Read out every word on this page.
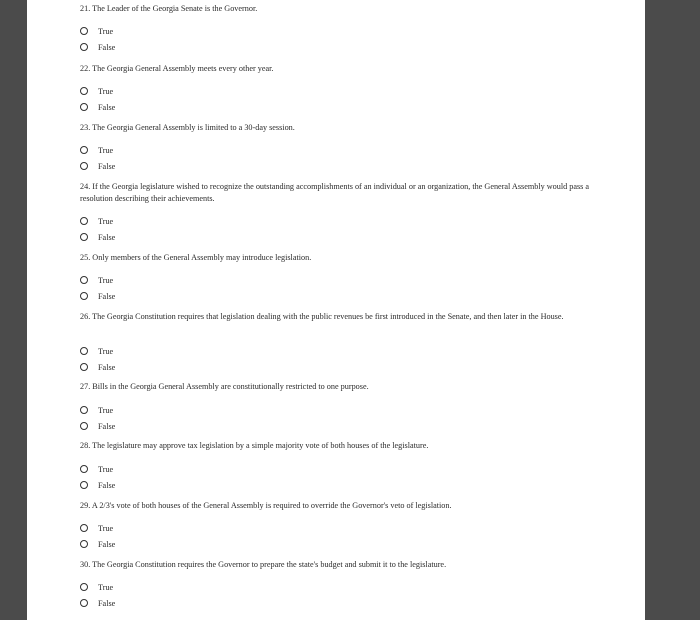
21. The Leader of the Georgia Senate is the Governor.
True
False
22. The Georgia General Assembly meets every other year.
True
False
23. The Georgia General Assembly is limited to a 30-day session.
True
False
24. If the Georgia legislature wished to recognize the outstanding accomplishments of an individual or an organization, the General Assembly would pass a resolution describing their achievements.
True
False
25. Only members of the General Assembly may introduce legislation.
True
False
26. The Georgia Constitution requires that legislation dealing with the public revenues be first introduced in the Senate, and then later in the House.
True
False
27. Bills in the Georgia General Assembly are constitutionally restricted to one purpose.
True
False
28. The legislature may approve tax legislation by a simple majority vote of both houses of the legislature.
True
False
29. A 2/3's vote of both houses of the General Assembly is required to override the Governor's veto of legislation.
True
False
30. The Georgia Constitution requires the Governor to prepare the state's budget and submit it to the legislature.
True
False
